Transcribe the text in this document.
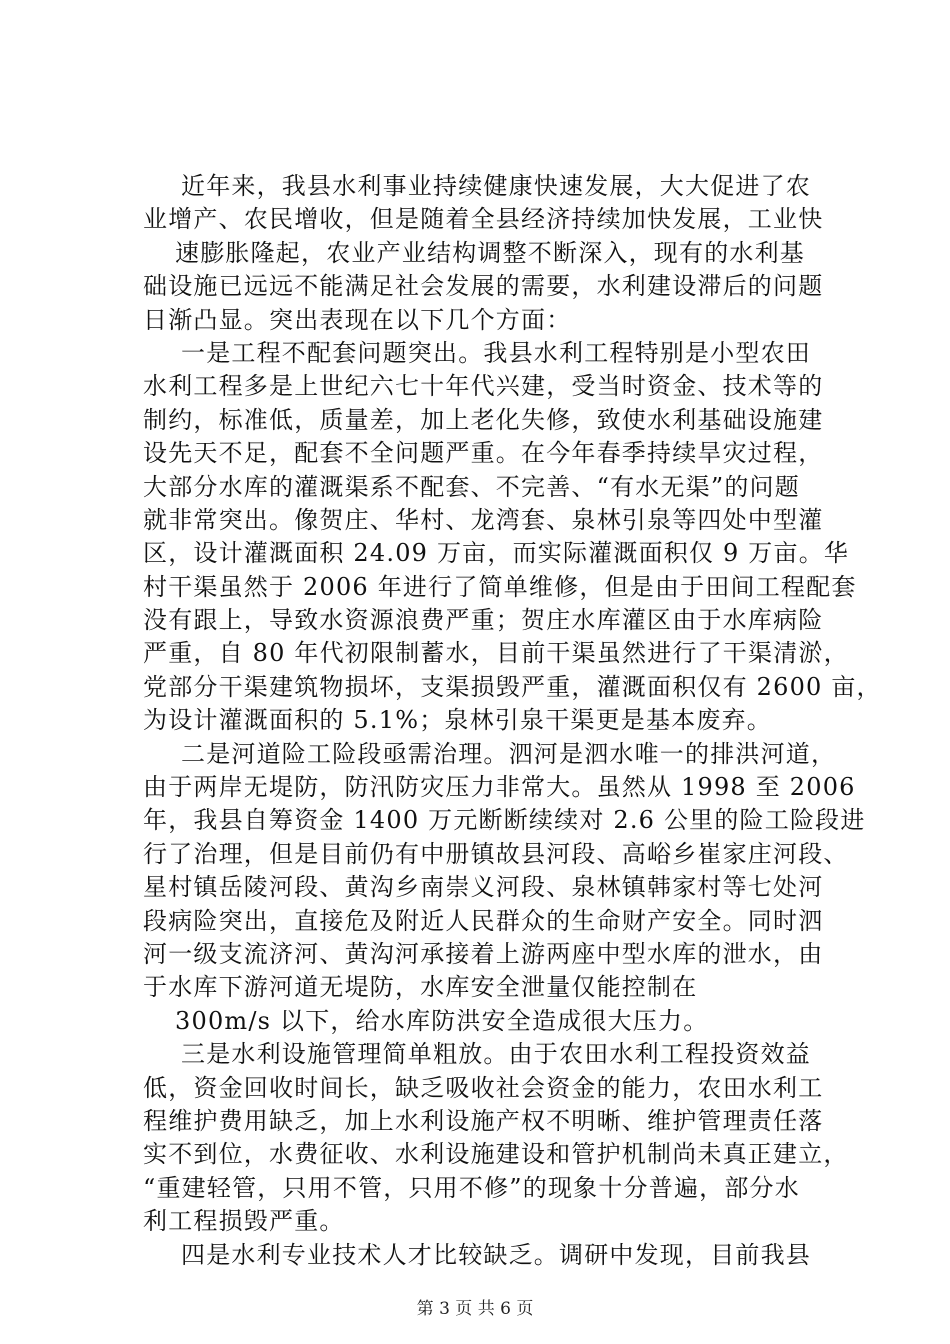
近年来，我县水利事业持续健康快速发展，大大促进了农
业增产、农民增收，但是随着全县经济持续加快发展，工业快
速膨胀隆起，农业产业结构调整不断深入，现有的水利基
础设施已远远不能满足社会发展的需要，水利建设滞后的问题
日渐凸显。突出表现在以下几个方面：
一是工程不配套问题突出。我县水利工程特别是小型农田
水利工程多是上世纪六七十年代兴建，受当时资金、技术等的
制约，标准低，质量差，加上老化失修，致使水利基础设施建
设先天不足，配套不全问题严重。在今年春季持续旱灾过程，
大部分水库的灌溉渠系不配套、不完善、“有水无渠”的问题
就非常突出。像贺庄、华村、龙湾套、泉林引泉等四处中型灌
区，设计灌溉面积 24.09 万亩，而实际灌溉面积仅 9 万亩。华
村干渠虽然于 2006 年进行了简单维修，但是由于田间工程配套
没有跟上，导致水资源浪费严重；贺庄水库灌区由于水库病险
严重，自 80 年代初限制蓄水，目前干渠虽然进行了干渠清淤，
党部分干渠建筑物损坏，支渠损毁严重，灌溉面积仅有 2600 亩，
为设计灌溉面积的 5.1%；泉林引泉干渠更是基本废弃。
二是河道险工险段亟需治理。泗河是泗水唯一的排洪河道，
由于两岸无堤防，防汛防灾压力非常大。虽然从 1998 至 2006
年，我县自筹资金 1400 万元断断续续对 2.6 公里的险工险段进
行了治理，但是目前仍有中册镇故县河段、高峪乡崔家庄河段、
星村镇岳陵河段、黄沟乡南崇义河段、泉林镇韩家村等七处河
段病险突出，直接危及附近人民群众的生命财产安全。同时泗
河一级支流济河、黄沟河承接着上游两座中型水库的泄水，由
于水库下游河道无堤防，水库安全泄量仅能控制在
300m/s 以下，给水库防洪安全造成很大压力。
三是水利设施管理简单粗放。由于农田水利工程投资效益
低，资金回收时间长，缺乏吸收社会资金的能力，农田水利工
程维护费用缺乏，加上水利设施产权不明晰、维护管理责任落
实不到位，水费征收、水利设施建设和管护机制尚未真正建立，
“重建轻管，只用不管，只用不修”的现象十分普遍，部分水
利工程损毁严重。
四是水利专业技术人才比较缺乏。调研中发现，目前我县
第 3 页 共 6 页
